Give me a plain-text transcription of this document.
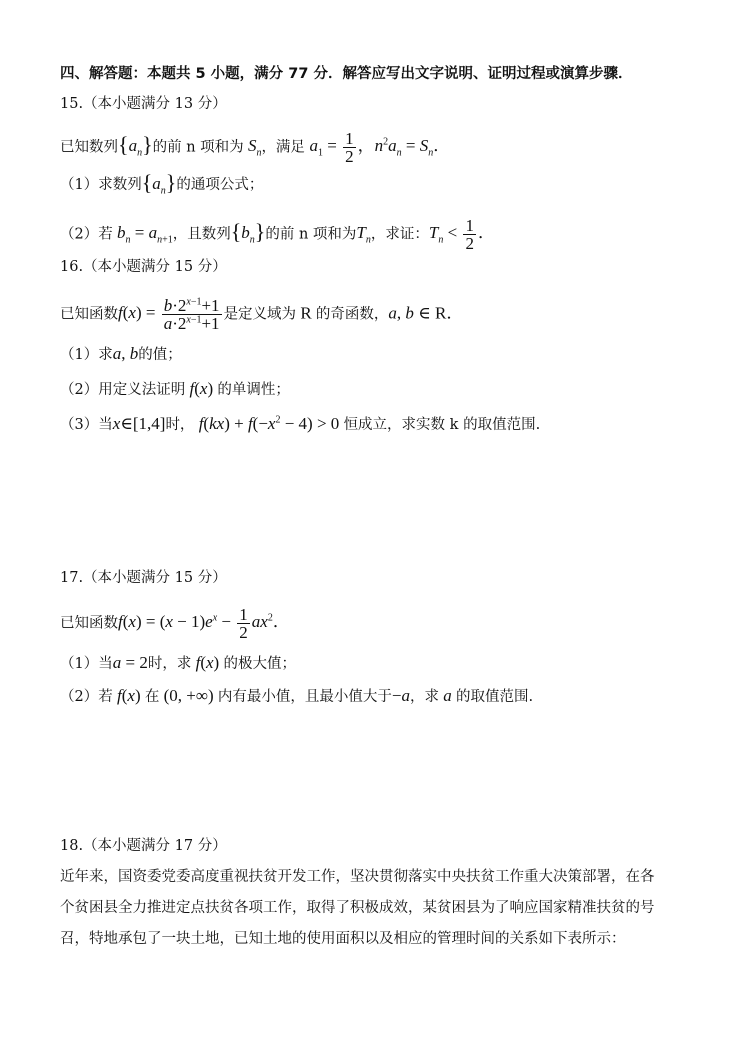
四、解答题：本题共 5 小题，满分 77 分．解答应写出文字说明、证明过程或演算步骤．
15.（本小题满分 13 分）
已知数列$\{a_n\}$的前 n 项和为 $S_n$，满足 $a_1 = \frac{1}{2}$ ，$n^2a_n = S_n$．
（1）求数列$\{a_n\}$的通项公式；
（2）若 $b_n = a_{n+1}$，且数列$\{b_n\}$的前 n 项和为$T_n$，求证：$T_n < \frac{1}{2}$ ．
16.（本小题满分 15 分）
已知函数$f(x) = \frac{b\cdot 2^{x-1}+1}{a\cdot 2^{x-1}+1}$ 是定义域为 R 的奇函数，a, b ∈ R．
（1）求a, b的值；
（2）用定义法证明 f(x) 的单调性；
（3）当x∈[1,4]时， $f(kx) + f(-x^2 - 4) > 0$ 恒成立，求实数 k 的取值范围.
17.（本小题满分 15 分）
已知函数$f(x) = (x - 1)e^x - \frac{1}{2} ax^2$．
（1）当a = 2时，求 f(x) 的极大值；
（2）若 f(x) 在 (0, +∞) 内有最小值，且最小值大于−a，求 a 的取值范围.
18.（本小题满分 17 分）
近年来，国资委党委高度重视扶贫开发工作，坚决贯彻落实中央扶贫工作重大决策部署，在各
个贫困县全力推进定点扶贫各项工作，取得了积极成效，某贫困县为了响应国家精准扶贫的号
召，特地承包了一块土地，已知土地的使用面积以及相应的管理时间的关系如下表所示：
